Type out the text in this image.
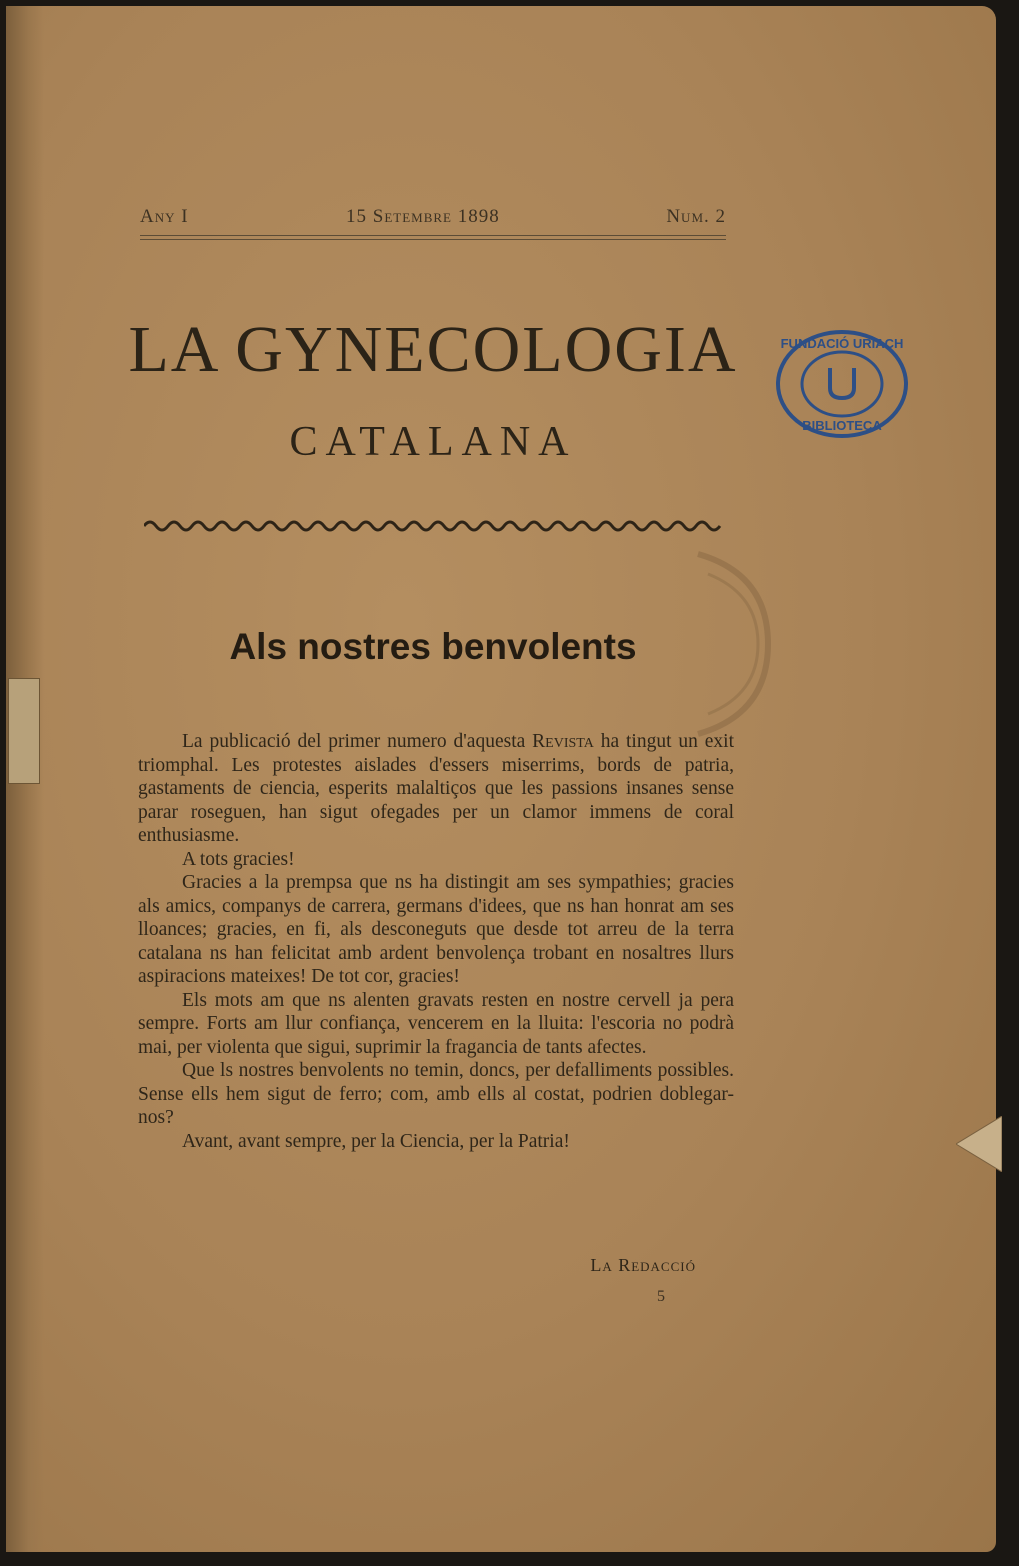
Any I	15 Setembre 1898	Num. 2
LA GYNECOLOGIA
CATALANA
FUNDACIÓ URIACH
BIBLIOTECA
Als nostres benvolents

La publicació del primer numero d'aquesta Revista ha tingut un exit triomphal. Les protestes aislades d'essers miserrims, bords de patria, gastaments de ciencia, esperits malaltiços que les passions insanes sense parar roseguen, han sigut ofegades per un clamor immens de coral enthusiasme.

A tots gracies!

Gracies a la prempsa que ns ha distingit am ses sympathies; gracies als amics, companys de carrera, germans d'idees, que ns han honrat am ses lloances; gracies, en fi, als desconeguts que desde tot arreu de la terra catalana ns han felicitat amb ardent benvolença trobant en nosaltres llurs aspiracions mateixes! De tot cor, gracies!

Els mots am que ns alenten gravats resten en nostre cervell ja pera sempre. Forts am llur confiança, vencerem en la lluita: l'escoria no podrà mai, per violenta que sigui, suprimir la fragancia de tants afectes.

Que ls nostres benvolents no temin, doncs, per defalliments possibles. Sense ells hem sigut de ferro; com, amb ells al costat, podrien doblegar-nos?

Avant, avant sempre, per la Ciencia, per la Patria!

La Redacció
5
